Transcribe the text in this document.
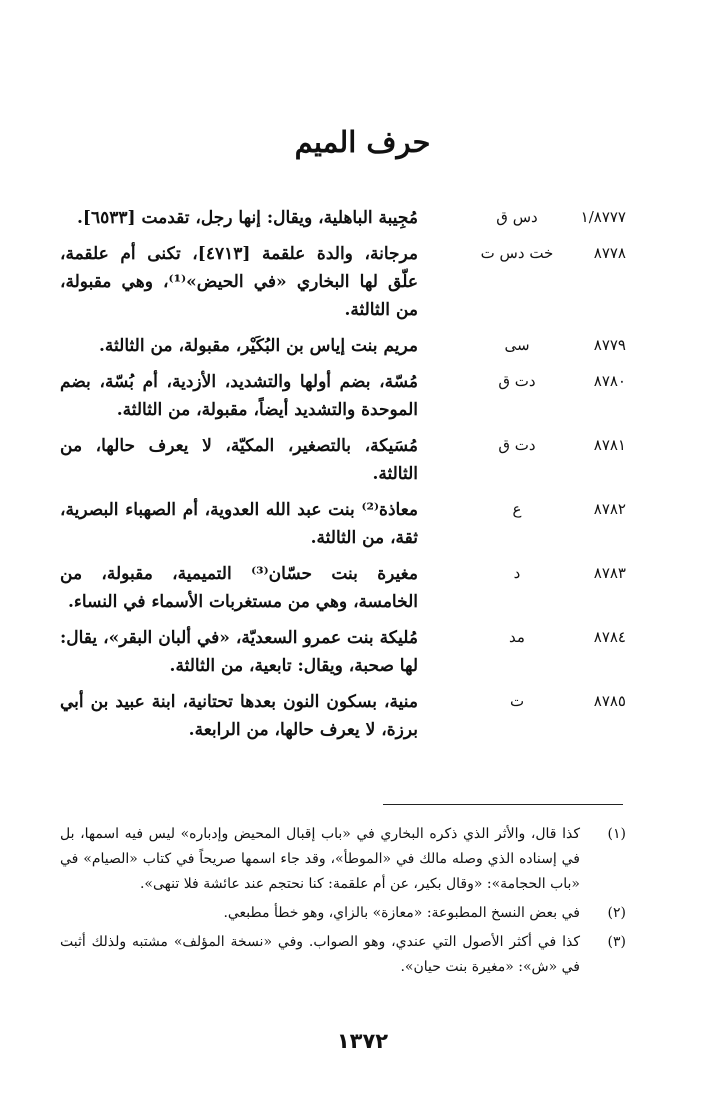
حرف الميم
١/٨٧٧٧
دس ق
مُجِيبة الباهلية، ويقال: إنها رجل، تقدمت [٦٥٣٣].
٨٧٧٨
خت دس ت
مرجانة، والدة علقمة [٤٧١٣]، تكنى أم علقمة، علّق لها البخاري «في الحيض»⁽¹⁾، وهي مقبولة، من الثالثة.
٨٧٧٩
سى
مريم بنت إياس بن البُكَيْر، مقبولة، من الثالثة.
٨٧٨٠
دت ق
مُسّة، بضم أولها والتشديد، الأزدية، أم بُسّة، بضم الموحدة والتشديد أيضاً، مقبولة، من الثالثة.
٨٧٨١
دت ق
مُسَيكة، بالتصغير، المكيّة، لا يعرف حالها، من الثالثة.
٨٧٨٢
ع
معاذة⁽²⁾ بنت عبد الله العدوية، أم الصهباء البصرية، ثقة، من الثالثة.
٨٧٨٣
د
مغيرة بنت حسّان⁽³⁾ التميمية، مقبولة، من الخامسة، وهي من مستغربات الأسماء في النساء.
٨٧٨٤
مد
مُليكة بنت عمرو السعديّة، «في ألبان البقر»، يقال: لها صحبة، ويقال: تابعية، من الثالثة.
٨٧٨٥
ت
منية، بسكون النون بعدها تحتانية، ابنة عبيد بن أبي برزة، لا يعرف حالها، من الرابعة.
(١)
كذا قال، والأثر الذي ذكره البخاري في «باب إقبال المحيض وإدباره» ليس فيه اسمها، بل في إسناده الذي وصله مالك في «الموطأ»، وقد جاء اسمها صريحاً في كتاب «الصيام» في «باب الحجامة»: «وقال بكير، عن أم علقمة: كنا نحتجم عند عائشة فلا تنهى».
(٢)
في بعض النسخ المطبوعة: «معازة» بالزاي، وهو خطأ مطبعي.
(٣)
كذا في أكثر الأصول التي عندي، وهو الصواب. وفي «نسخة المؤلف» مشتبه ولذلك أثبت في «ش»: «مغيرة بنت حيان».
١٣٧٢
